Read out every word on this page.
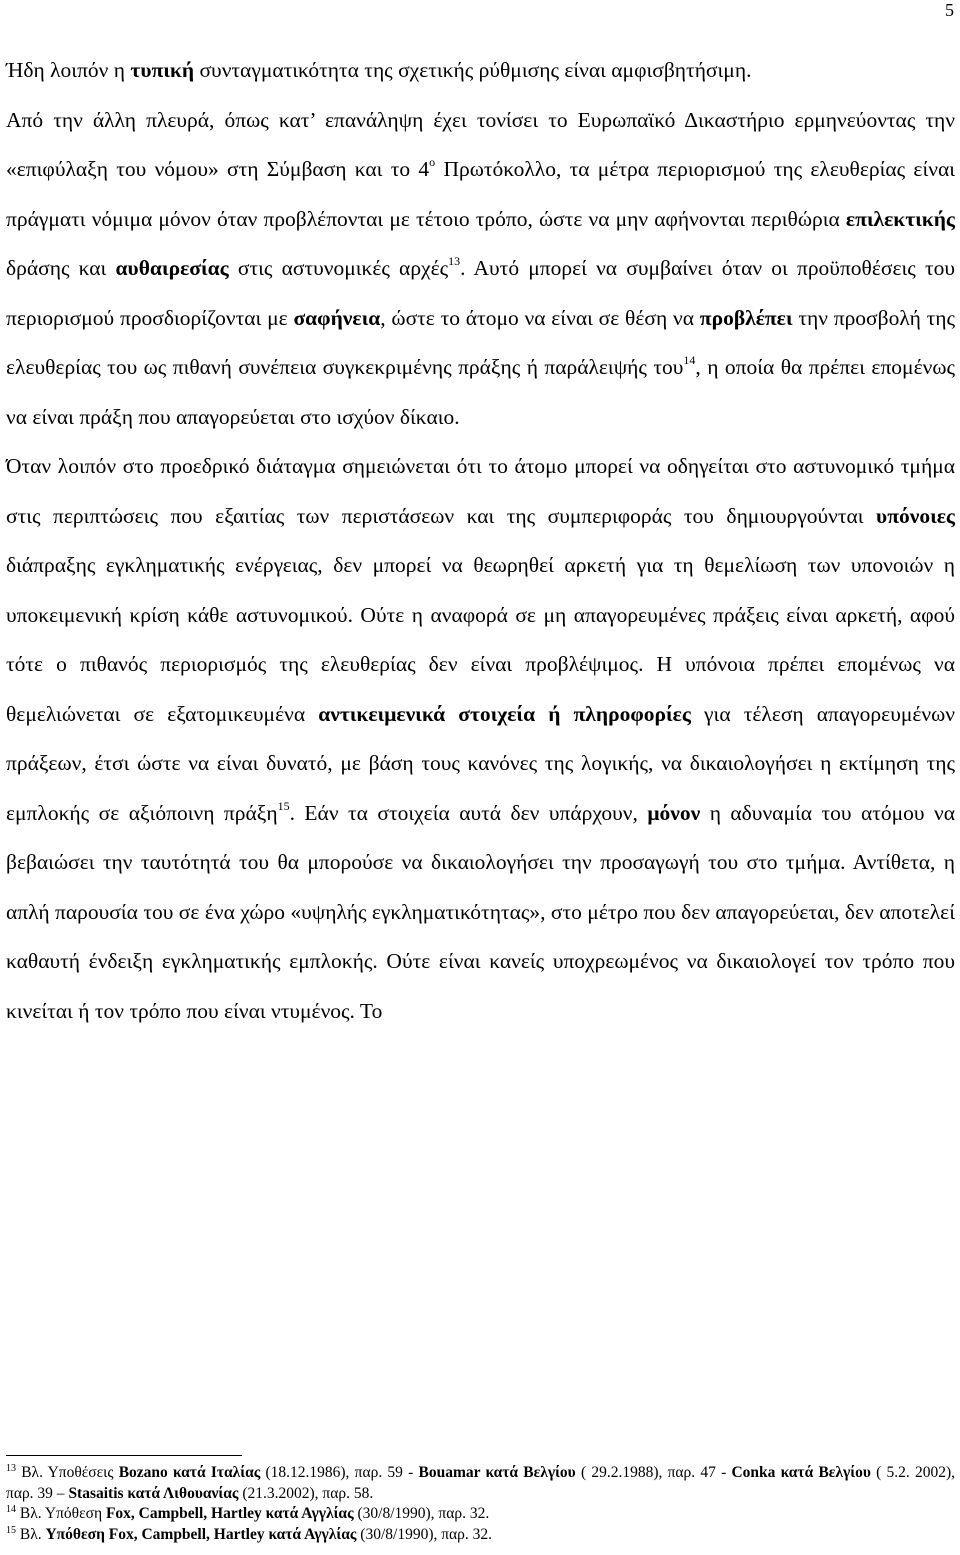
5

Ήδη λοιπόν η τυπική συνταγματικότητα της σχετικής ρύθμισης είναι αμφισβητήσιμη.

Από την άλλη πλευρά, όπως κατ’ επανάληψη έχει τονίσει το Ευρωπαϊκό Δικαστήριο ερμηνεύοντας την «επιφύλαξη του νόμου» στη Σύμβαση και το 4$^o$ Πρωτόκολλο, τα μέτρα περιορισμού της ελευθερίας είναι πράγματι νόμιμα μόνον όταν προβλέπονται με τέτοιο τρόπο, ώστε να μην αφήνονται περιθώρια επιλεκτικής δράσης και αυθαιρεσίας στις αστυνομικές αρχές$^{13}$. Αυτό μπορεί να συμβαίνει όταν οι προϋποθέσεις του περιορισμού προσδιορίζονται με σαφήνεια, ώστε το άτομο να είναι σε θέση να προβλέπει την προσβολή της ελευθερίας του ως πιθανή συνέπεια συγκεκριμένης πράξης ή παράλειψής του$^{14}$, η οποία θα πρέπει επομένως να είναι πράξη που απαγορεύεται στο ισχύον δίκαιο.

Όταν λοιπόν στο προεδρικό διάταγμα σημειώνεται ότι το άτομο μπορεί να οδηγείται στο αστυνομικό τμήμα στις περιπτώσεις που εξαιτίας των περιστάσεων και της συμπεριφοράς του δημιουργούνται υπόνοιες διάπραξης εγκληματικής ενέργειας, δεν μπορεί να θεωρηθεί αρκετή για τη θεμελίωση των υπονοιών η υποκειμενική κρίση κάθε αστυνομικού. Ούτε η αναφορά σε μη απαγορευμένες πράξεις είναι αρκετή, αφού τότε ο πιθανός περιορισμός της ελευθερίας δεν είναι προβλέψιμος. Η υπόνοια πρέπει επομένως να θεμελιώνεται σε εξατομικευμένα αντικειμενικά στοιχεία ή πληροφορίες για τέλεση απαγορευμένων πράξεων, έτσι ώστε να είναι δυνατό, με βάση τους κανόνες της λογικής, να δικαιολογήσει η εκτίμηση της εμπλοκής σε αξιόποινη πράξη$^{15}$. Εάν τα στοιχεία αυτά δεν υπάρχουν, μόνον η αδυναμία του ατόμου να βεβαιώσει την ταυτότητά του θα μπορούσε να δικαιολογήσει την προσαγωγή του στο τμήμα. Αντίθετα, η απλή παρουσία του σε ένα χώρο «υψηλής εγκληματικότητας», στο μέτρο που δεν απαγορεύεται, δεν αποτελεί καθαυτή ένδειξη εγκληματικής εμπλοκής. Ούτε είναι κανείς υποχρεωμένος να δικαιολογεί τον τρόπο που κινείται ή τον τρόπο που είναι ντυμένος. Το

$^{13}$ Βλ. Υποθέσεις Bozano κατά Ιταλίας (18.12.1986), παρ. 59 - Bouamar κατά Βελγίου ( 29.2.1988), παρ. 47 - Conka κατά Βελγίου ( 5.2. 2002), παρ. 39 – Stasaitis κατά Λιθουανίας (21.3.2002), παρ. 58.

$^{14}$ Βλ. Υπόθεση Fox, Campbell, Hartley κατά Αγγλίας (30/8/1990), παρ. 32.

$^{15}$ Βλ. Υπόθεση Fox, Campbell, Hartley κατά Αγγλίας (30/8/1990), παρ. 32.
